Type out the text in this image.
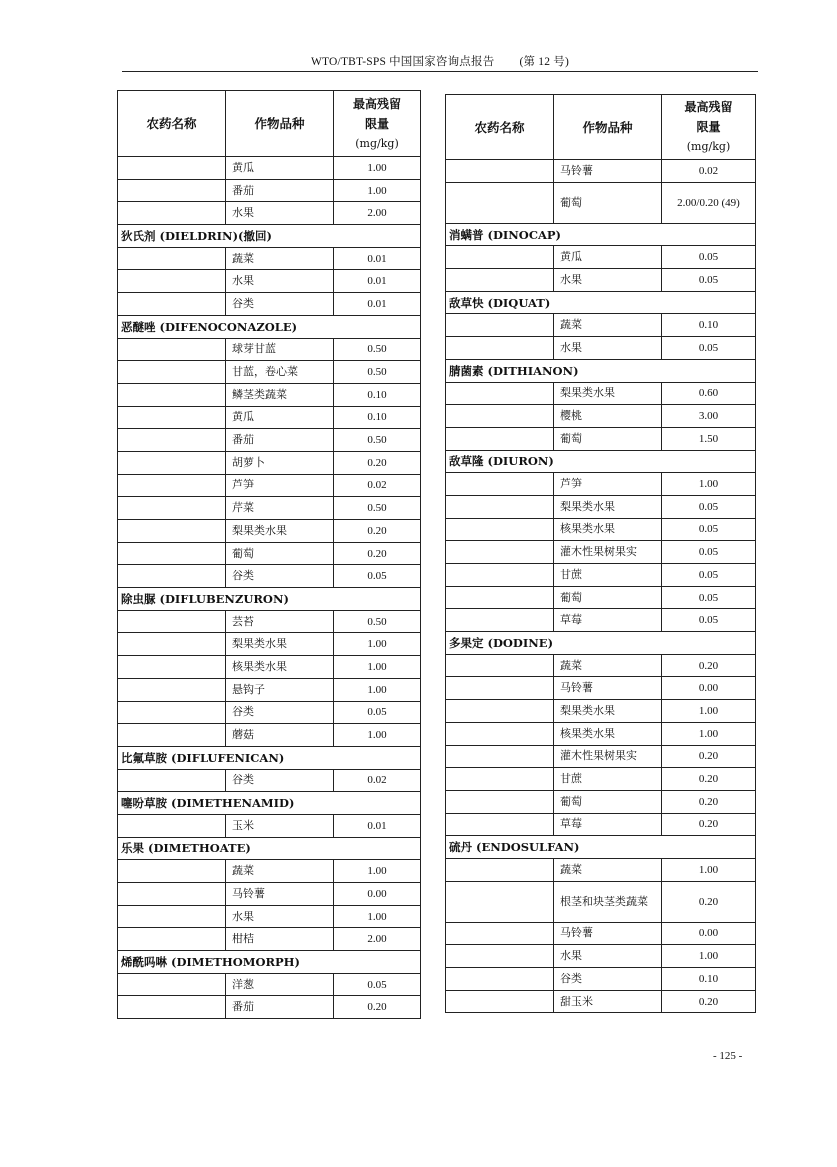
WTO/TBT-SPS 中国国家咨询点报告 (第 12 号)
农药名称	作物品种	最高残留
限量
(mg/kg)

	黄瓜	1.00
	番茄	1.00
	水果	2.00
狄氏剂 (DIELDRIN)(撤回)		
	蔬菜	0.01
	水果	0.01
	谷类	0.01
恶醚唑 (DIFENOCONAZOLE)		
	球芽甘蓝	0.50
	甘蓝，卷心菜	0.50
	鳞茎类蔬菜	0.10
	黄瓜	0.10
	番茄	0.50
	胡萝卜	0.20
	芦笋	0.02
	芹菜	0.50
	梨果类水果	0.20
	葡萄	0.20
	谷类	0.05
除虫脲 (DIFLUBENZURON)		
	芸苔	0.50
	梨果类水果	1.00
	核果类水果	1.00
	悬钩子	1.00
	谷类	0.05
	蘑菇	1.00
比氟草胺 (DIFLUFENICAN)		
	谷类	0.02
噻吩草胺 (DIMETHENAMID)		
	玉米	0.01
乐果 (DIMETHOATE)		
	蔬菜	1.00
	马铃薯	0.00
	水果	1.00
	柑桔	2.00
烯酰吗啉 (DIMETHOMORPH)		
	洋葱	0.05
	番茄	0.20
农药名称	作物品种	最高残留
限量
(mg/kg)

	马铃薯	0.02
	葡萄	2.00/0.20 (49)
消螨普 (DINOCAP)		
	黄瓜	0.05
	水果	0.05
敌草快 (DIQUAT)		
	蔬菜	0.10
	水果	0.05
腈菌素 (DITHIANON)		
	梨果类水果	0.60
	樱桃	3.00
	葡萄	1.50
敌草隆 (DIURON)		
	芦笋	1.00
	梨果类水果	0.05
	核果类水果	0.05
	灌木性果树果实	0.05
	甘蔗	0.05
	葡萄	0.05
	草莓	0.05
多果定 (DODINE)		
	蔬菜	0.20
	马铃薯	0.00
	梨果类水果	1.00
	核果类水果	1.00
	灌木性果树果实	0.20
	甘蔗	0.20
	葡萄	0.20
	草莓	0.20
硫丹 (ENDOSULFAN)		
	蔬菜	1.00
	根茎和块茎类蔬菜	0.20
	马铃薯	0.00
	水果	1.00
	谷类	0.10
	甜玉米	0.20
- 125 -
